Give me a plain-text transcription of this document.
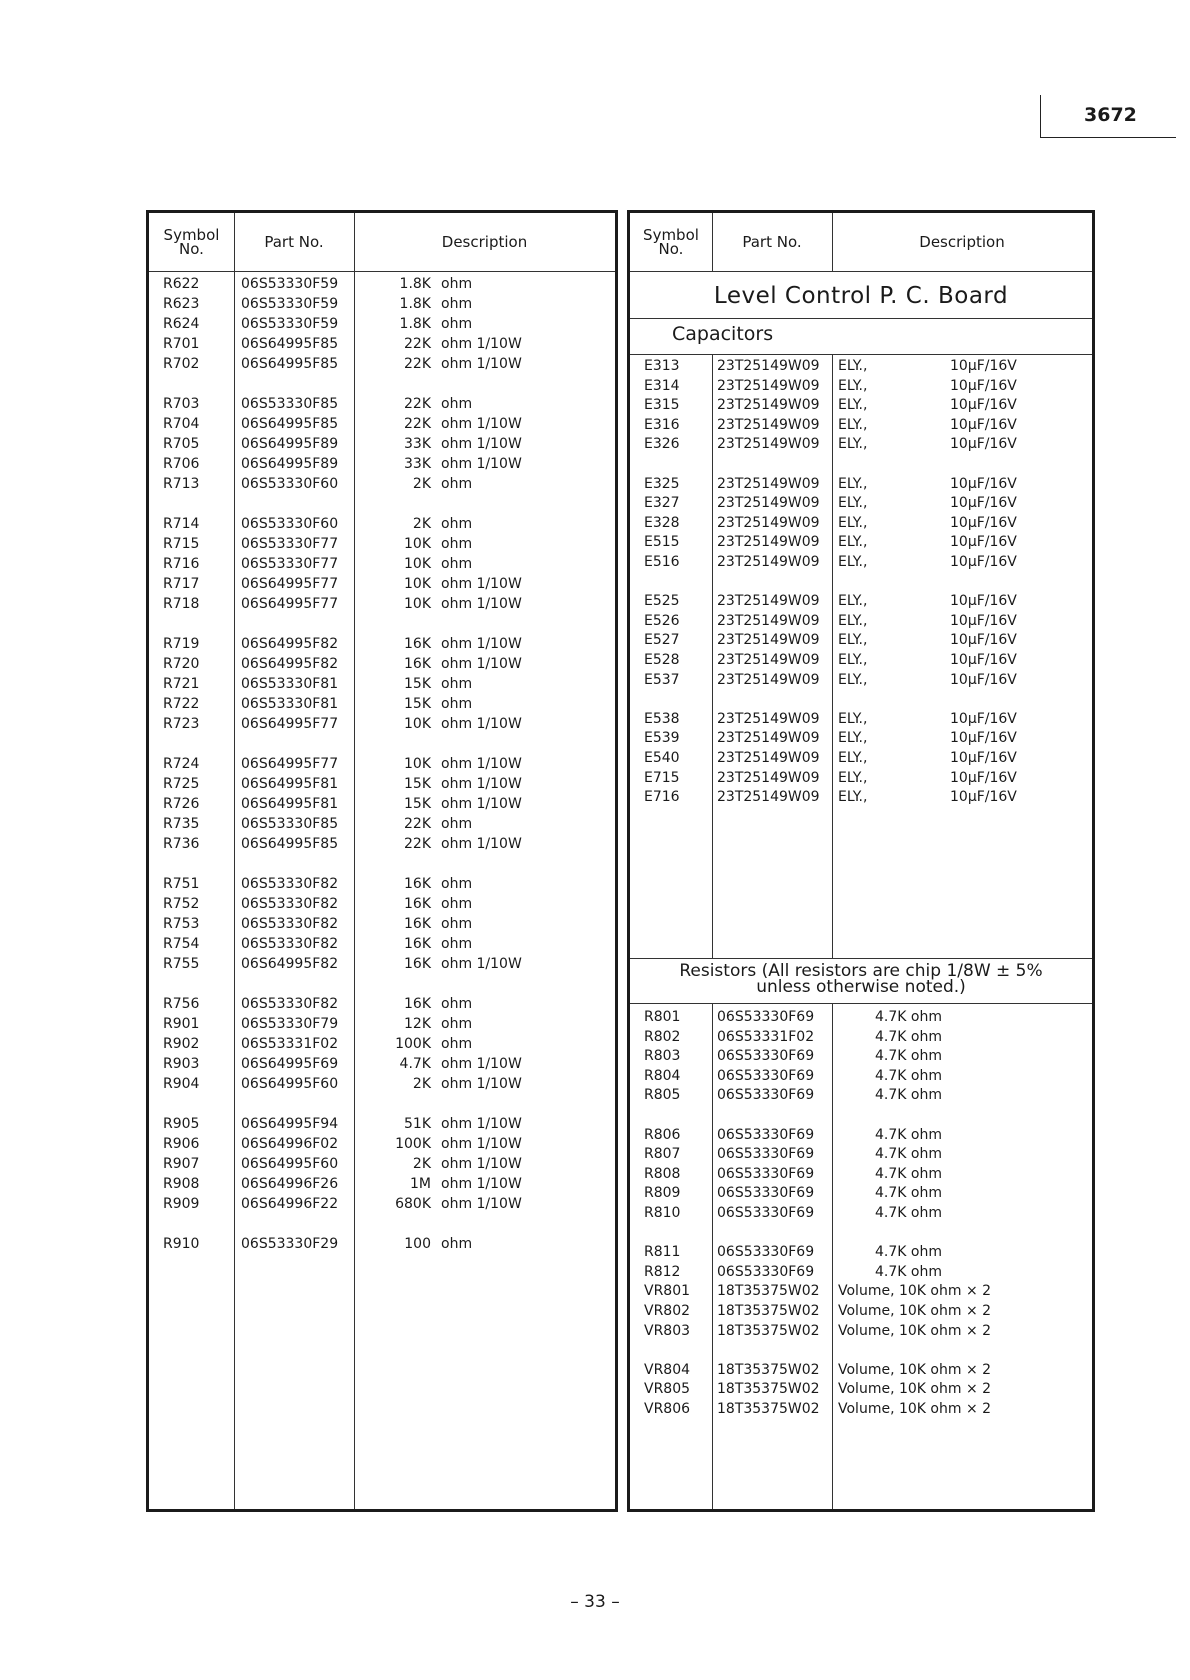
3672
Symbol
No.	Part No.	Description
R622	06S53330F59	1.8K ohm
R623	06S53330F59	1.8K ohm
R624	06S53330F59	1.8K ohm
R701	06S64995F85	22K ohm 1/10W
R702	06S64995F85	22K ohm 1/10W
R703	06S53330F85	22K ohm
R704	06S64995F85	22K ohm 1/10W
R705	06S64995F89	33K ohm 1/10W
R706	06S64995F89	33K ohm 1/10W
R713	06S53330F60	2K ohm
R714	06S53330F60	2K ohm
R715	06S53330F77	10K ohm
R716	06S53330F77	10K ohm
R717	06S64995F77	10K ohm 1/10W
R718	06S64995F77	10K ohm 1/10W
R719	06S64995F82	16K ohm 1/10W
R720	06S64995F82	16K ohm 1/10W
R721	06S53330F81	15K ohm
R722	06S53330F81	15K ohm
R723	06S64995F77	10K ohm 1/10W
R724	06S64995F77	10K ohm 1/10W
R725	06S64995F81	15K ohm 1/10W
R726	06S64995F81	15K ohm 1/10W
R735	06S53330F85	22K ohm
R736	06S64995F85	22K ohm 1/10W
R751	06S53330F82	16K ohm
R752	06S53330F82	16K ohm
R753	06S53330F82	16K ohm
R754	06S53330F82	16K ohm
R755	06S64995F82	16K ohm 1/10W
R756	06S53330F82	16K ohm
R901	06S53330F79	12K ohm
R902	06S53331F02	100K ohm
R903	06S64995F69	4.7K ohm 1/10W
R904	06S64995F60	2K ohm 1/10W
R905	06S64995F94	51K ohm 1/10W
R906	06S64996F02	100K ohm 1/10W
R907	06S64995F60	2K ohm 1/10W
R908	06S64996F26	1M ohm 1/10W
R909	06S64996F22	680K ohm 1/10W
R910	06S53330F29	100 ohm
Symbol
No.	Part No.	Description
Level Control P. C. Board
Capacitors
E313	23T25149W09 ELY.,	10μF/16V
E314	23T25149W09 ELY.,	10μF/16V
E315	23T25149W09 ELY.,	10μF/16V
E316	23T25149W09 ELY.,	10μF/16V
E326	23T25149W09 ELY.,	10μF/16V
E325	23T25149W09 ELY.,	10μF/16V
E327	23T25149W09 ELY.,	10μF/16V
E328	23T25149W09 ELY.,	10μF/16V
E515	23T25149W09 ELY.,	10μF/16V
E516	23T25149W09 ELY.,	10μF/16V
E525	23T25149W09 ELY.,	10μF/16V
E526	23T25149W09 ELY.,	10μF/16V
E527	23T25149W09 ELY.,	10μF/16V
E528	23T25149W09 ELY.,	10μF/16V
E537	23T25149W09 ELY.,	10μF/16V
E538	23T25149W09 ELY.,	10μF/16V
E539	23T25149W09 ELY.,	10μF/16V
E540	23T25149W09 ELY.,	10μF/16V
E715	23T25149W09 ELY.,	10μF/16V
E716	23T25149W09 ELY.,	10μF/16V
Resistors (All resistors are chip 1/8W ± 5%
unless otherwise noted.)
R801	06S53330F69	4.7K ohm
R802	06S53331F02	4.7K ohm
R803	06S53330F69	4.7K ohm
R804	06S53330F69	4.7K ohm
R805	06S53330F69	4.7K ohm
R806	06S53330F69	4.7K ohm
R807	06S53330F69	4.7K ohm
R808	06S53330F69	4.7K ohm
R809	06S53330F69	4.7K ohm
R810	06S53330F69	4.7K ohm
R811	06S53330F69	4.7K ohm
R812	06S53330F69	4.7K ohm
VR801 18T35375W02 Volume, 10K ohm × 2
VR802 18T35375W02 Volume, 10K ohm × 2
VR803 18T35375W02 Volume, 10K ohm × 2
VR804 18T35375W02 Volume, 10K ohm × 2
VR805 18T35375W02 Volume, 10K ohm × 2
VR806 18T35375W02 Volume, 10K ohm × 2
– 33 –
